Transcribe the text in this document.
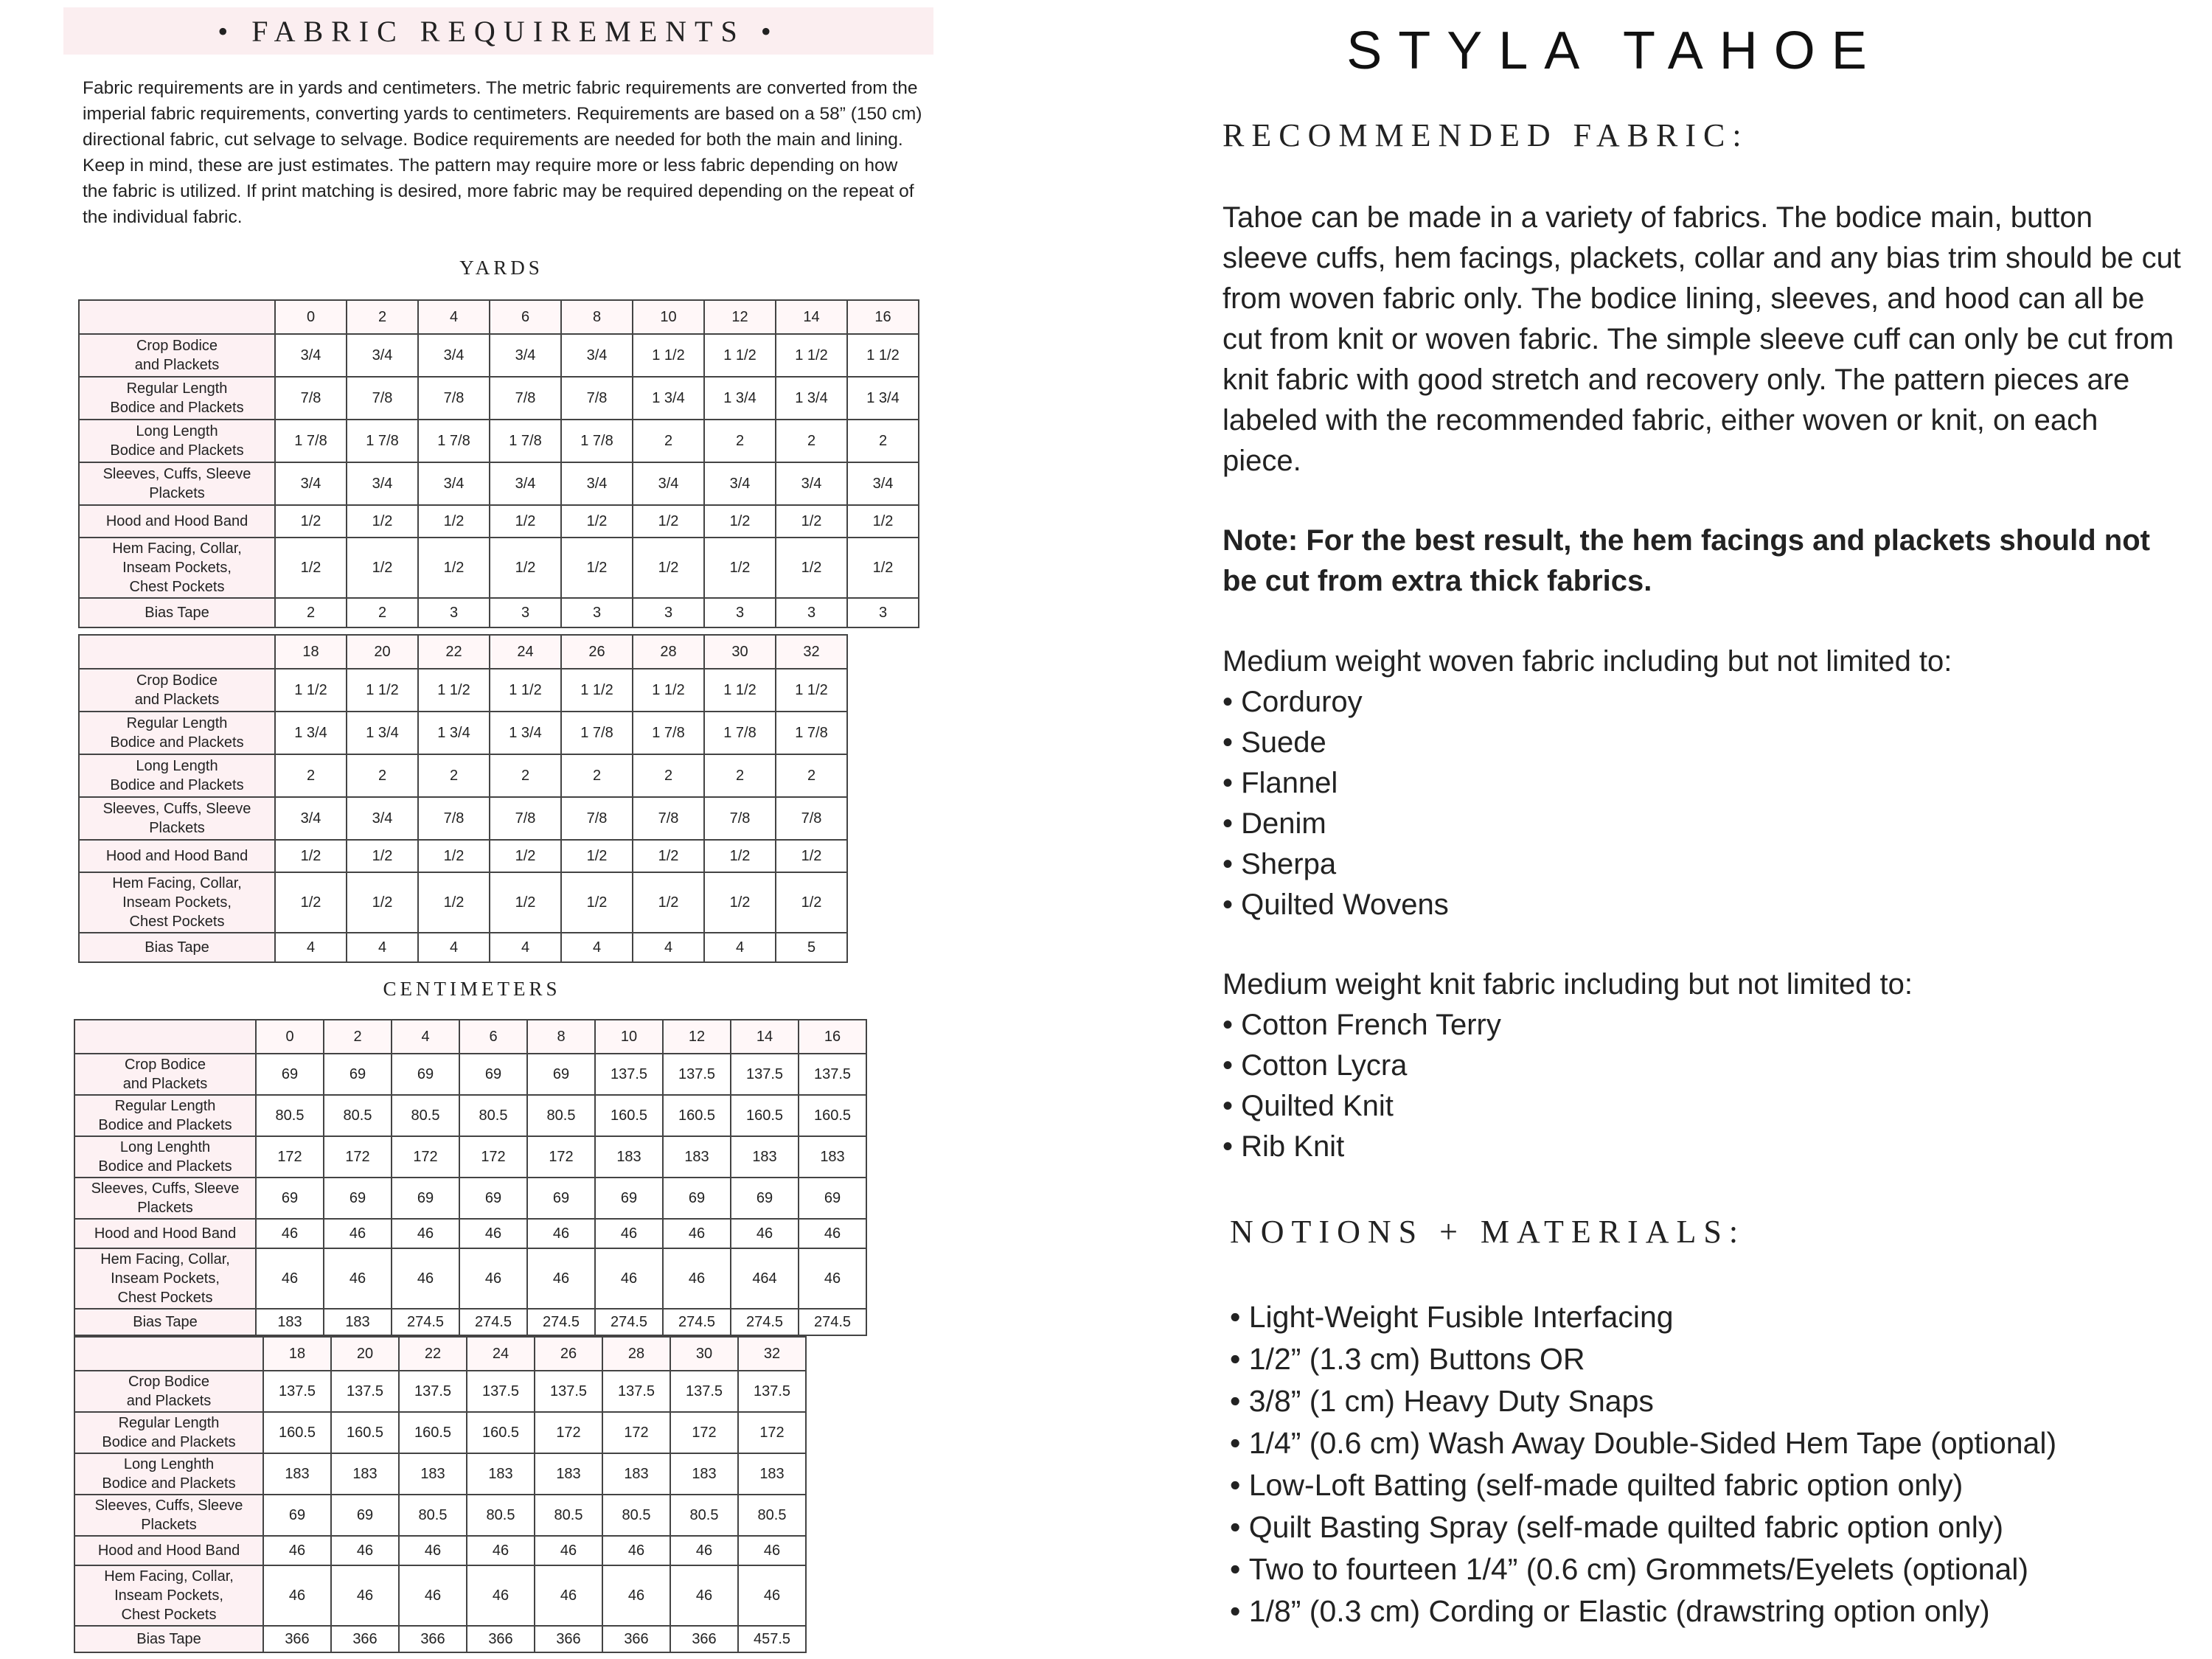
• FABRIC REQUIREMENTS •
Fabric requirements are in yards and centimeters. The metric fabric requirements are converted from the imperial fabric requirements, converting yards to centimeters. Requirements are based on a 58” (150 cm) directional fabric, cut selvage to selvage. Bodice requirements are needed for both the main and lining. Keep in mind, these are just estimates. The pattern may require more or less fabric depending on how the fabric is utilized. If print matching is desired, more fabric may be required depending on the repeat of the individual fabric.
YARDS
	0	2	4	6	8	10	12	14	16

Crop Bodice
and Plackets	3/4	3/4	3/4	3/4	3/4	1 1/2	1 1/2	1 1/2	1 1/2

Regular Length
Bodice and Plackets	7/8	7/8	7/8	7/8	7/8	1 3/4	1 3/4	1 3/4	1 3/4

Long Length
Bodice and Plackets	1 7/8	1 7/8	1 7/8	1 7/8	1 7/8	2	2	2	2

Sleeves, Cuffs, Sleeve
Plackets	3/4	3/4	3/4	3/4	3/4	3/4	3/4	3/4	3/4

Hood and Hood Band	1/2	1/2	1/2	1/2	1/2	1/2	1/2	1/2	1/2

Hem Facing, Collar,
Inseam Pockets,
Chest Pockets	1/2	1/2	1/2	1/2	1/2	1/2	1/2	1/2	1/2

Bias Tape	2	2	3	3	3	3	3	3	3
	18	20	22	24	26	28	30	32

Crop Bodice
and Plackets	1 1/2	1 1/2	1 1/2	1 1/2	1 1/2	1 1/2	1 1/2	1 1/2

Regular Length
Bodice and Plackets	1 3/4	1 3/4	1 3/4	1 3/4	1 7/8	1 7/8	1 7/8	1 7/8

Long Length
Bodice and Plackets	2	2	2	2	2	2	2	2

Sleeves, Cuffs, Sleeve
Plackets	3/4	3/4	7/8	7/8	7/8	7/8	7/8	7/8

Hood and Hood Band	1/2	1/2	1/2	1/2	1/2	1/2	1/2	1/2

Hem Facing, Collar,
Inseam Pockets,
Chest Pockets	1/2	1/2	1/2	1/2	1/2	1/2	1/2	1/2

Bias Tape	4	4	4	4	4	4	4	5
CENTIMETERS
	0	2	4	6	8	10	12	14	16

Crop Bodice
and Plackets	69	69	69	69	69	137.5	137.5	137.5	137.5

Regular Length
Bodice and Plackets	80.5	80.5	80.5	80.5	80.5	160.5	160.5	160.5	160.5

Long Lenghth
Bodice and Plackets	172	172	172	172	172	183	183	183	183

Sleeves, Cuffs, Sleeve
Plackets	69	69	69	69	69	69	69	69	69

Hood and Hood Band	46	46	46	46	46	46	46	46	46

Hem Facing, Collar,
Inseam Pockets,
Chest Pockets	46	46	46	46	46	46	46	464	46

Bias Tape	183	183	274.5	274.5	274.5	274.5	274.5	274.5	274.5
	18	20	22	24	26	28	30	32

Crop Bodice
and Plackets	137.5	137.5	137.5	137.5	137.5	137.5	137.5	137.5

Regular Length
Bodice and Plackets	160.5	160.5	160.5	160.5	172	172	172	172

Long Lenghth
Bodice and Plackets	183	183	183	183	183	183	183	183

Sleeves, Cuffs, Sleeve
Plackets	69	69	80.5	80.5	80.5	80.5	80.5	80.5

Hood and Hood Band	46	46	46	46	46	46	46	46

Hem Facing, Collar,
Inseam Pockets,
Chest Pockets	46	46	46	46	46	46	46	46

Bias Tape	366	366	366	366	366	366	366	457.5
STYLA TAHOE
RECOMMENDED FABRIC:
Tahoe can be made in a variety of fabrics. The bodice main, button sleeve cuffs, hem facings, plackets, collar and any bias trim should be cut from woven fabric only. The bodice lining, sleeves, and hood can all be cut from knit or woven fabric. The simple sleeve cuff can only be cut from knit fabric with good stretch and recovery only. The pattern pieces are labeled with the recommended fabric, either woven or knit, on each piece.
Note: For the best result, the hem facings and plackets should not be cut from extra thick fabrics.
Medium weight woven fabric including but not limited to:
• Corduroy
• Suede
• Flannel
• Denim
• Sherpa
• Quilted Wovens
Medium weight knit fabric including but not limited to:
• Cotton French Terry
• Cotton Lycra
• Quilted Knit
• Rib Knit
NOTIONS + MATERIALS:
• Light-Weight Fusible Interfacing
• 1/2” (1.3 cm) Buttons OR
• 3/8” (1 cm) Heavy Duty Snaps
• 1/4” (0.6 cm) Wash Away Double-Sided Hem Tape (optional)
• Low-Loft Batting (self-made quilted fabric option only)
• Quilt Basting Spray (self-made quilted fabric option only)
• Two to fourteen 1/4” (0.6 cm) Grommets/Eyelets (optional)
• 1/8” (0.3 cm) Cording or Elastic (drawstring option only)
